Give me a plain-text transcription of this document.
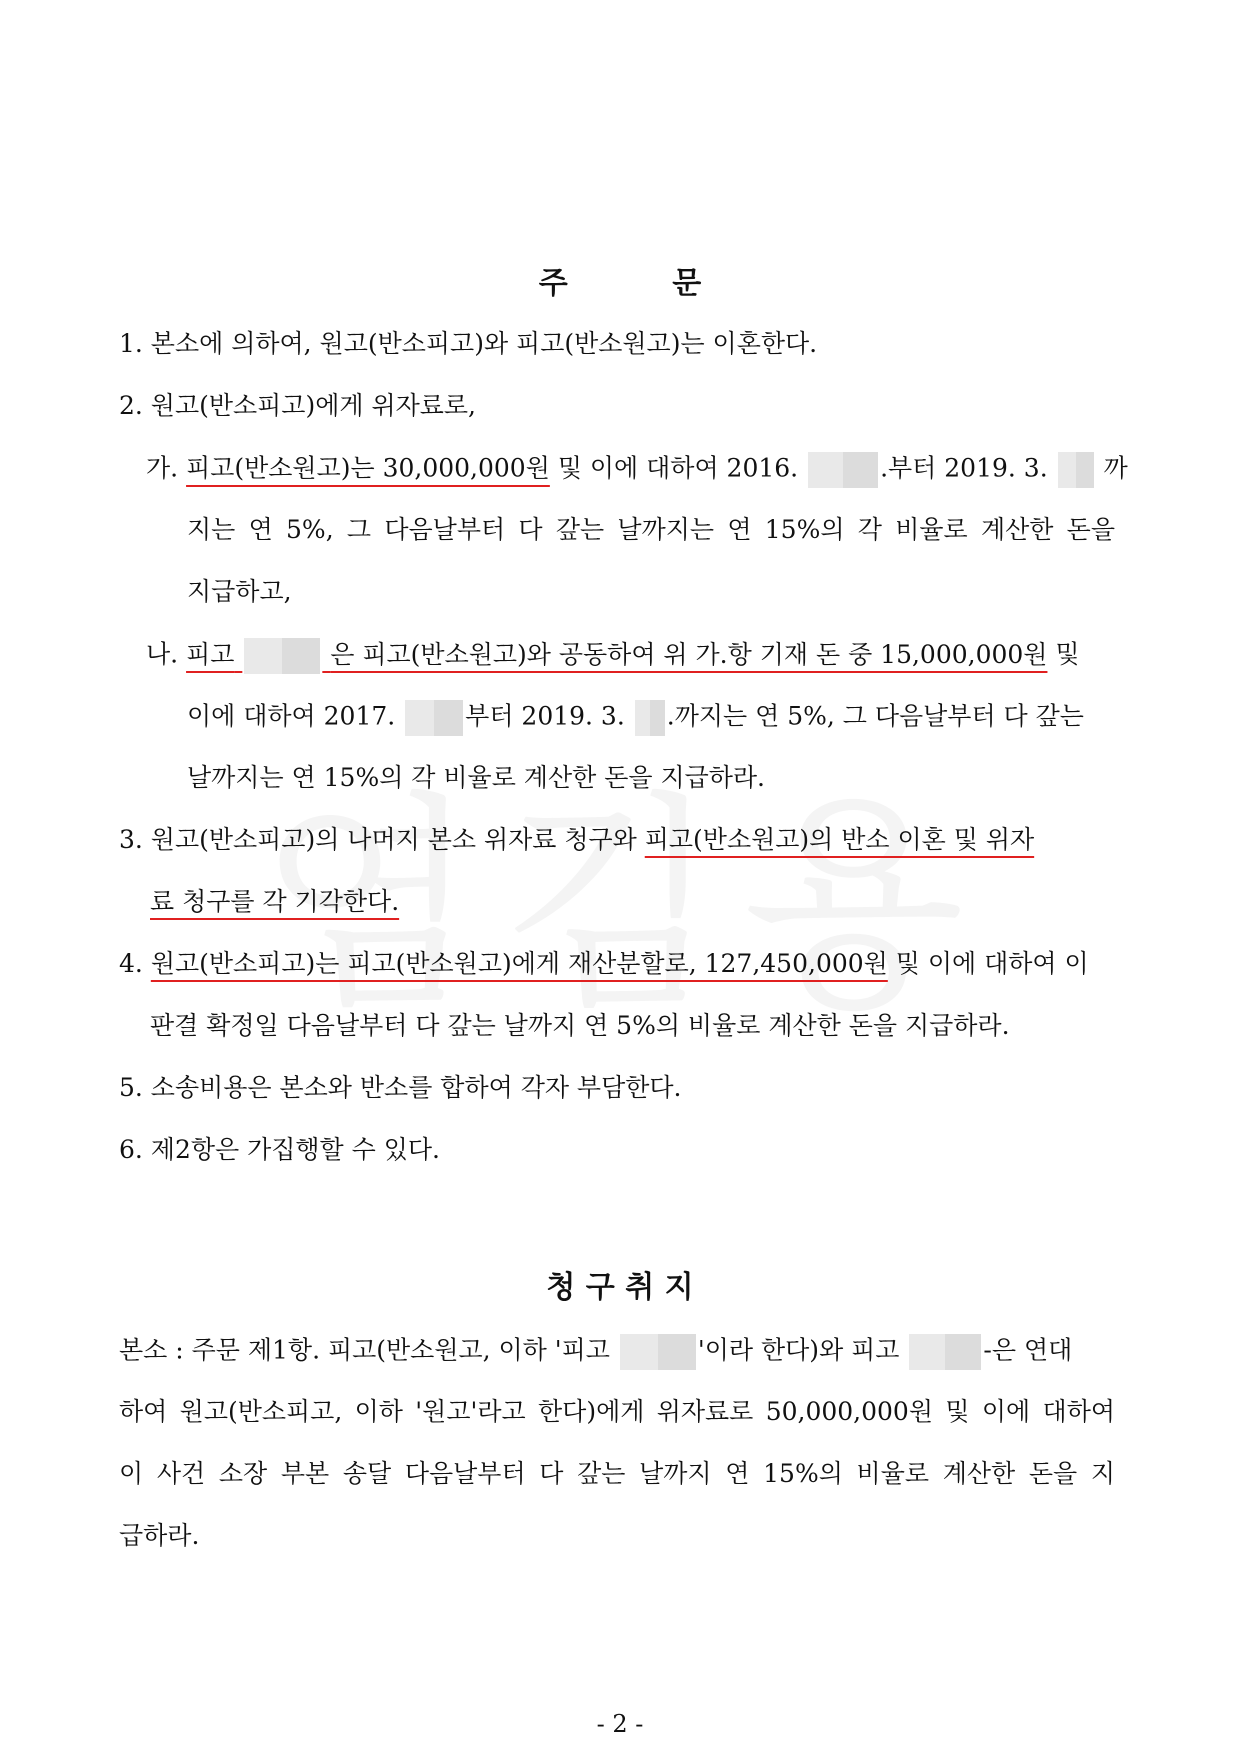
주          문
1. 본소에 의하여, 원고(반소피고)와 피고(반소원고)는 이혼한다.
2. 원고(반소피고)에게 위자료로,
가. 피고(반소원고)는 30,000,000원 및 이에 대하여 2016.	.부터 2019. 3. 까
지는 연 5%, 그 다음날부터 다 갚는 날까지는 연 15%의 각 비율로 계산한 돈을
지급하고,
나. 피고	은 피고(반소원고)와 공동하여 위 가.항 기재 돈 중 15,000,000원 및
이에 대하여 2017.	부터 2019. 3. .까지는 연 5%, 그 다음날부터 다 갚는
날까지는 연 15%의 각 비율로 계산한 돈을 지급하라.
3. 원고(반소피고)의 나머지 본소 위자료 청구와 피고(반소원고)의 반소 이혼 및 위자
료 청구를 각 기각한다.
4. 원고(반소피고)는 피고(반소원고)에게 재산분할로, 127,450,000원 및 이에 대하여 이
판결 확정일 다음날부터 다 갚는 날까지 연 5%의 비율로 계산한 돈을 지급하라.
5. 소송비용은 본소와 반소를 합하여 각자 부담한다.
6. 제2항은 가집행할 수 있다.
청 구 취 지
본소 : 주문 제1항. 피고(반소원고, 이하 '피고	'이라 한다)와 피고	-은 연대
하여 원고(반소피고, 이하 '원고'라고 한다)에게 위자료로 50,000,000원 및 이에 대하여
이 사건 소장 부본 송달 다음날부터 다 갚는 날까지 연 15%의 비율로 계산한 돈을 지
급하라.
- 2 -
